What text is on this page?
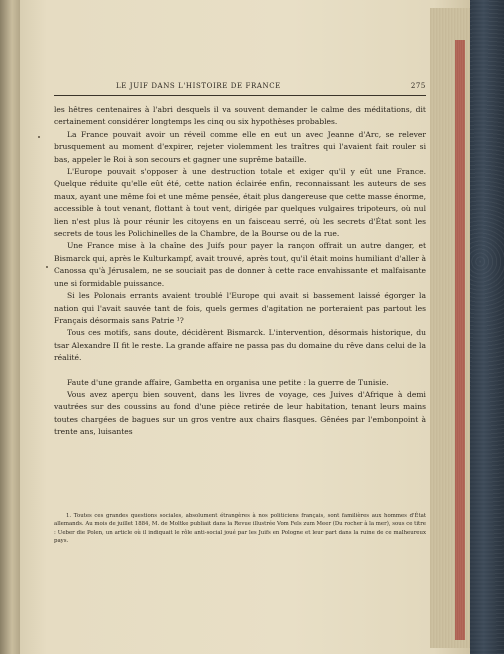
LE JUIF DANS L'HISTOIRE DE FRANCE	275

les hêtres centenaires à l'abri desquels il va souvent demander le calme des méditations, dit certainement considérer longtemps les cinq ou six hypothèses probables.

La France pouvait avoir un réveil comme elle en eut un avec Jeanne d'Arc, se relever brusquement au moment d'expirer, rejeter violemment les traîtres qui l'avaient fait rouler si bas, appeler le Roi à son secours et gagner une suprême bataille.

L'Europe pouvait s'opposer à une destruction totale et exiger qu'il y eût une France. Quelque réduite qu'elle eût été, cette nation éclairée enfin, reconnaissant les auteurs de ses maux, ayant une même foi et une même pensée, était plus dangereuse que cette masse énorme, accessible à tout venant, flottant à tout vent, dirigée par quelques vulgaires tripoteurs, où nul lien n'est plus là pour réunir les citoyens en un faisceau serré, où les secrets d'État sont les secrets de tous les Polichinelles de la Chambre, de la Bourse ou de la rue.

Une France mise à la chaîne des Juifs pour payer la rançon offrait un autre danger, et Bismarck qui, après le Kulturkampf, avait trouvé, après tout, qu'il était moins humiliant d'aller à Canossa qu'à Jérusalem, ne se souciait pas de donner à cette race envahissante et malfaisante une si formidable puissance.

Si les Polonais errants avaient troublé l'Europe qui avait si bassement laissé égorger la nation qui l'avait sauvée tant de fois, quels germes d'agitation ne porteraient pas partout les Français désormais sans Patrie ¹?

Tous ces motifs, sans doute, décidèrent Bismarck. L'intervention, désormais historique, du tsar Alexandre II fit le reste. La grande affaire ne passa pas du domaine du rêve dans celui de la réalité.

Faute d'une grande affaire, Gambetta en organisa une petite : la guerre de Tunisie.

Vous avez aperçu bien souvent, dans les livres de voyage, ces Juives d'Afrique à demi vautrées sur des coussins au fond d'une pièce retirée de leur habitation, tenant leurs mains toutes chargées de bagues sur un gros ventre aux chairs flasques. Gênées par l'embonpoint à trente ans, luisantes

1. Toutes ces grandes questions sociales, absolument étrangères à nos politiciens français, sont familières aux hommes d'État allemands. Au mois de juillet 1884, M. de Moltke publiait dans la Revue illustrée Vom Fels zum Meer (Du rocher à la mer), sous ce titre : Ueber die Polen, un article où il indiquait le rôle anti-social joué par les Juifs en Pologne et leur part dans la ruine de ce malheureux pays.
